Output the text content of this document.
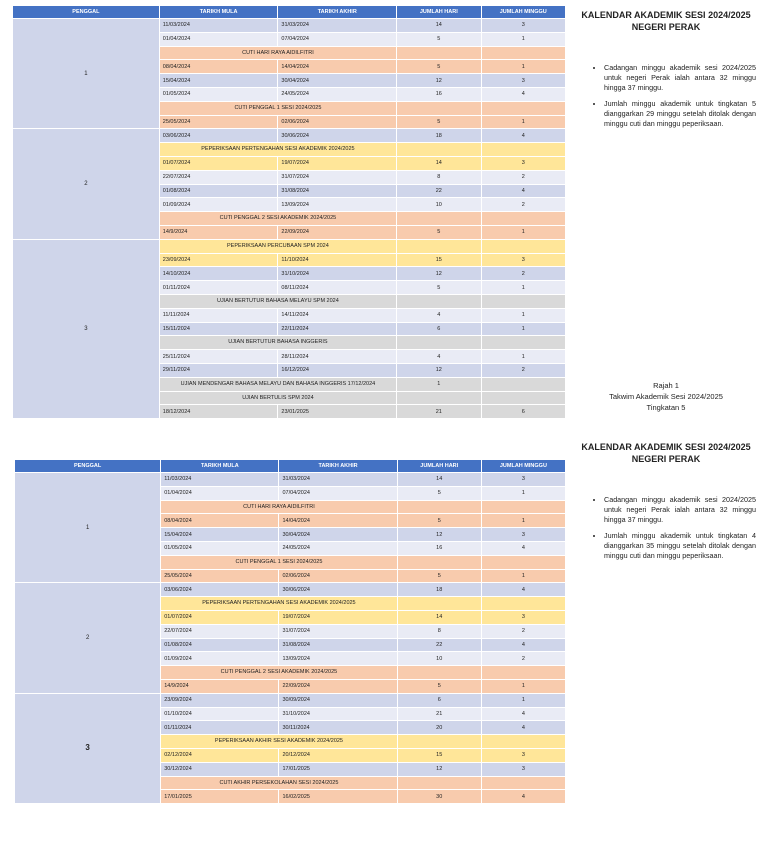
PENGGAL	TARIKH MULA	TARIKH AKHIR	JUMLAH HARI	JUMLAH MINGGU
1	11/03/2024	31/03/2024	14	3
	01/04/2024	07/04/2024	5	1
	CUTI HARI RAYA AIDILFITRI			
	08/04/2024	14/04/2024	5	1
	15/04/2024	30/04/2024	12	3
	01/05/2024	24/05/2024	16	4
	CUTI PENGGAL 1 SESI 2024/2025			
	25/05/2024	02/06/2024	5	1
2	03/06/2024	30/06/2024	18	4
	PEPERIKSAAN PERTENGAHAN SESI AKADEMIK 2024/2025			
	01/07/2024	19/07/2024	14	3
	22/07/2024	31/07/2024	8	2
	01/08/2024	31/08/2024	22	4
	01/09/2024	13/09/2024	10	2
	CUTI PENGGAL 2 SESI AKADEMIK 2024/2025			
	14/9/2024	22/09/2024	5	1
3	PEPERIKSAAN PERCUBAAN SPM 2024			
	23/09/2024	11/10/2024	15	3
	14/10/2024	31/10/2024	12	2
	01/11/2024	08/11/2024	5	1
	UJIAN BERTUTUR BAHASA MELAYU SPM 2024			
	11/11/2024	14/11/2024	4	1
	15/11/2024	22/11/2024	6	1
	UJIAN BERTUTUR BAHASA INGGERIS			
	25/11/2024	28/11/2024	4	1
	29/11/2024	16/12/2024	12	2
	UJIAN MENDENGAR BAHASA MELAYU DAN BAHASA INGGERIS 17/12/2024		1	
	UJIAN BERTULIS SPM 2024			
	18/12/2024	23/01/2025	21	6
KALENDAR AKADEMIK SESI 2024/2025
NEGERI PERAK
• Cadangan minggu akademik sesi 2024/2025 untuk negeri Perak ialah antara 32 minggu hingga 37 minggu.
• Jumlah minggu akademik untuk tingkatan 5 dianggarkan 29 minggu setelah ditolak dengan minggu cuti dan minggu peperiksaan.
Rajah 1
Takwim Akademik Sesi 2024/2025
Tingkatan 5
PENGGAL	TARIKH MULA	TARIKH AKHIR	JUMLAH HARI	JUMLAH MINGGU
1	11/03/2024	31/03/2024	14	3
	01/04/2024	07/04/2024	5	1
	CUTI HARI RAYA AIDILFITRI			
	08/04/2024	14/04/2024	5	1
	15/04/2024	30/04/2024	12	3
	01/05/2024	24/05/2024	16	4
	CUTI PENGGAL 1 SESI 2024/2025			
	25/05/2024	02/06/2024	5	1
2	03/06/2024	30/06/2024	18	4
	PEPERIKSAAN PERTENGAHAN SESI AKADEMIK 2024/2025			
	01/07/2024	19/07/2024	14	3
	22/07/2024	31/07/2024	8	2
	01/08/2024	31/08/2024	22	4
	01/09/2024	13/09/2024	10	2
	CUTI PENGGAL 2 SESI AKADEMIK 2024/2025			
	14/9/2024	22/09/2024	5	1
3	23/09/2024	30/09/2024	6	1
	01/10/2024	31/10/2024	21	4
	01/11/2024	30/11/2024	20	4
	PEPERIKSAAN AKHIR SESI AKADEMIK 2024/2025			
	02/12/2024	20/12/2024	15	3
	30/12/2024	17/01/2025	12	3
	CUTI AKHIR PERSEKOLAHAN SESI 2024/2025			
	17/01/2025	16/02/2025	30	4
KALENDAR AKADEMIK SESI 2024/2025
NEGERI PERAK
• Cadangan minggu akademik sesi 2024/2025 untuk negeri Perak ialah antara 32 minggu hingga 37 minggu.
• Jumlah minggu akademik untuk tingkatan 4 dianggarkan 35 minggu setelah ditolak dengan minggu cuti dan minggu peperiksaan.
